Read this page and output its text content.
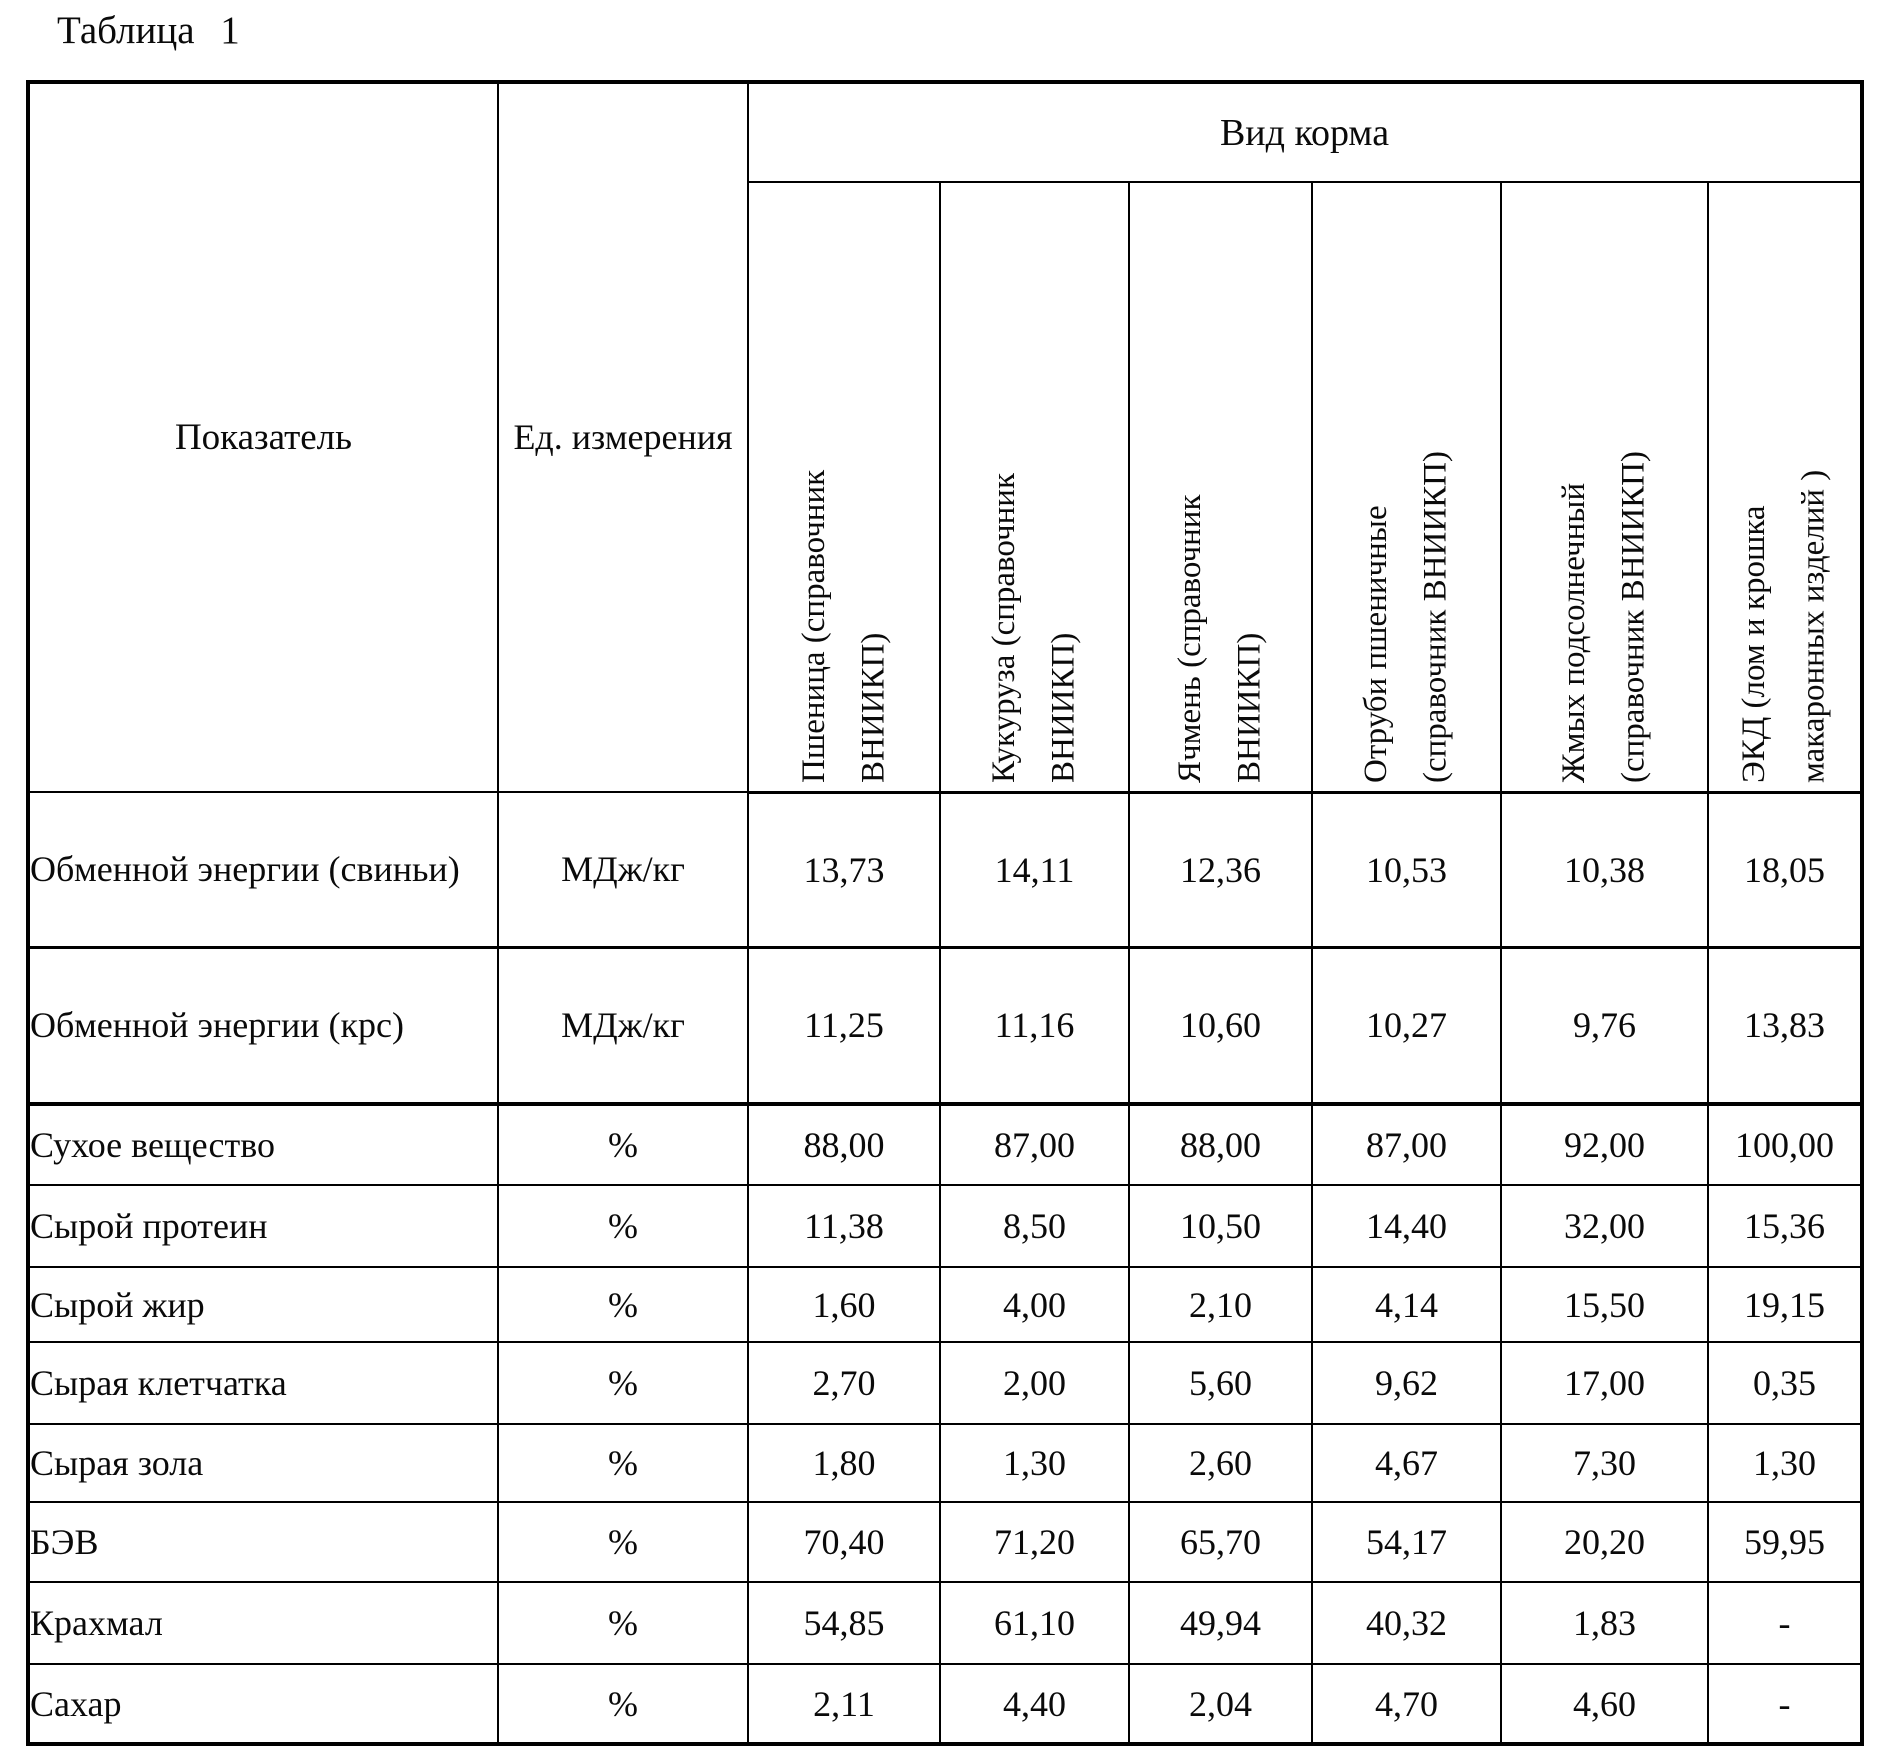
Таблица 1
Показатель	Ед. измерения	Вид корма					

		Пшеница (справочник ВНИИКП)	Кукуруза (справочник ВНИИКП)	Ячмень (справочник ВНИИКП)	Отруби пшеничные (справочник ВНИИКП)	Жмых подсолнечный (справочник ВНИИКП)	ЭКД (лом и крошка макаронных изделий )

Обменной энергии (свиньи)	МДж/кг	13,73	14,11	12,36	10,53	10,38	18,05
Обменной энергии (крс)	МДж/кг	11,25	11,16	10,60	10,27	9,76	13,83
Сухое вещество	%	88,00	87,00	88,00	87,00	92,00	100,00
Сырой протеин	%	11,38	8,50	10,50	14,40	32,00	15,36
Сырой жир	%	1,60	4,00	2,10	4,14	15,50	19,15
Сырая клетчатка	%	2,70	2,00	5,60	9,62	17,00	0,35
Сырая зола	%	1,80	1,30	2,60	4,67	7,30	1,30
БЭВ	%	70,40	71,20	65,70	54,17	20,20	59,95
Крахмал	%	54,85	61,10	49,94	40,32	1,83	-
Сахар	%	2,11	4,40	2,04	4,70	4,60	-
